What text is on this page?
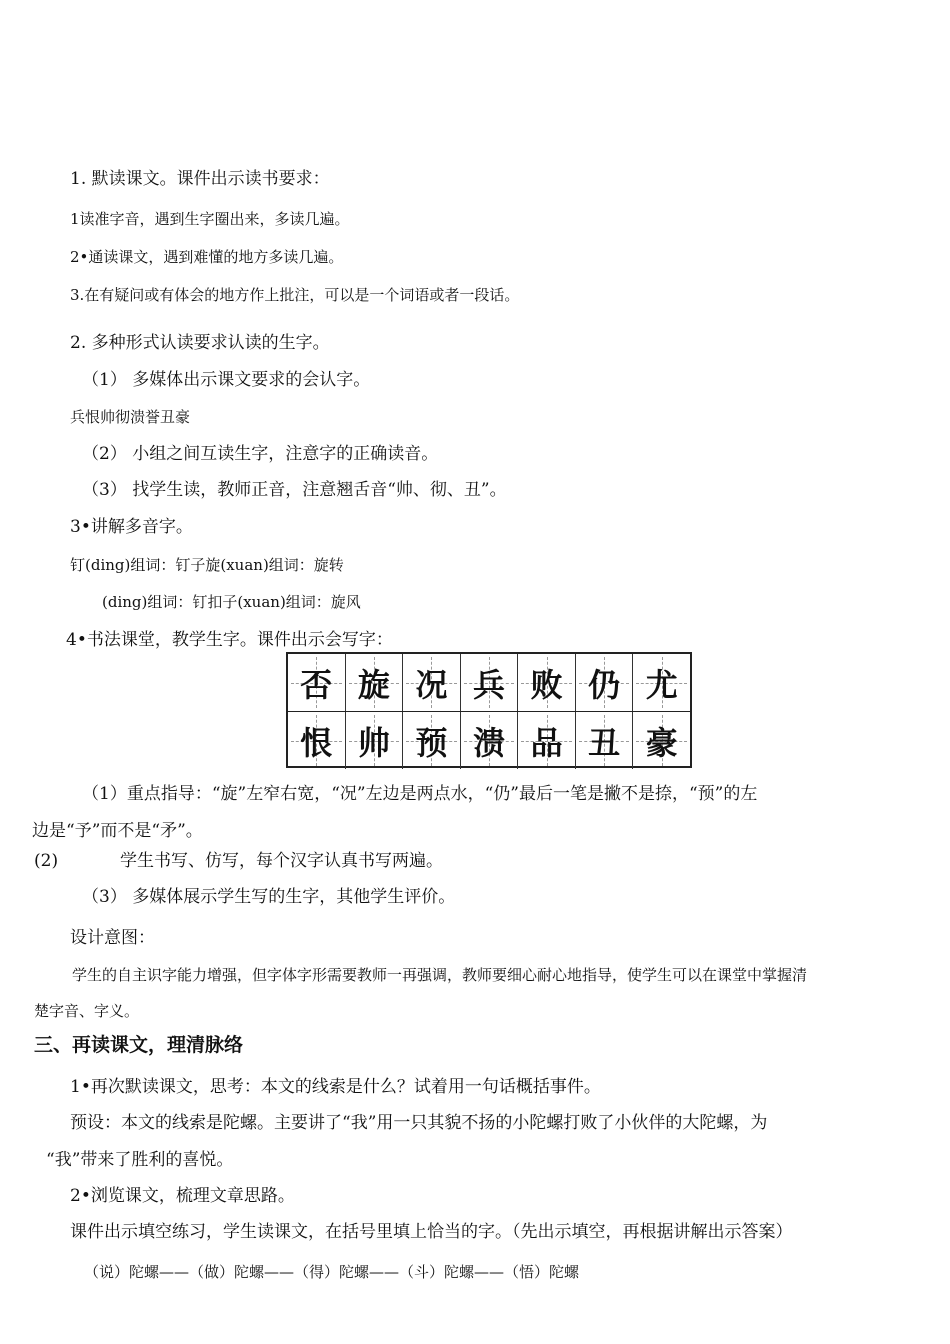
1. 默读课文。课件出示读书要求：
1读准字音，遇到生字圈出来，多读几遍。
2•通读课文，遇到难懂的地方多读几遍。
3.在有疑问或有体会的地方作上批注，可以是一个词语或者一段话。
2. 多种形式认读要求认读的生字。
（1） 多媒体出示课文要求的会认字。
兵恨帅彻溃誉丑豪
（2） 小组之间互读生字，注意字的正确读音。
（3） 找学生读，教师正音，注意翘舌音“帅、彻、丑”。
3•讲解多音字。
钉(ding)组词：钉子旋(xuan)组词：旋转
(ding)组词：钉扣子(xuan)组词：旋风
4•书法课堂，教学生字。课件出示会写字：
否 旋 况 兵 败 仍 尤
恨 帅 预 溃 品 丑 豪
（1）重点指导：“旋”左窄右宽，“况”左边是两点水，“仍”最后一笔是撇不是捺，“预”的左
边是“予”而不是“矛”。
(2)	学生书写、仿写，每个汉字认真书写两遍。
（3） 多媒体展示学生写的生字，其他学生评价。
设计意图：
学生的自主识字能力增强，但字体字形需要教师一再强调，教师要细心耐心地指导，使学生可以在课堂中掌握清
楚字音、字义。
三、再读课文，理清脉络
1•再次默读课文，思考：本文的线索是什么？试着用一句话概括事件。
预设：本文的线索是陀螺。主要讲了“我”用一只其貌不扬的小陀螺打败了小伙伴的大陀螺，为
“我”带来了胜利的喜悦。
2•浏览课文，梳理文章思路。
课件出示填空练习，学生读课文，在括号里填上恰当的字。（先出示填空，再根据讲解出示答案）
（说）陀螺——（做）陀螺——（得）陀螺——（斗）陀螺——（悟）陀螺
